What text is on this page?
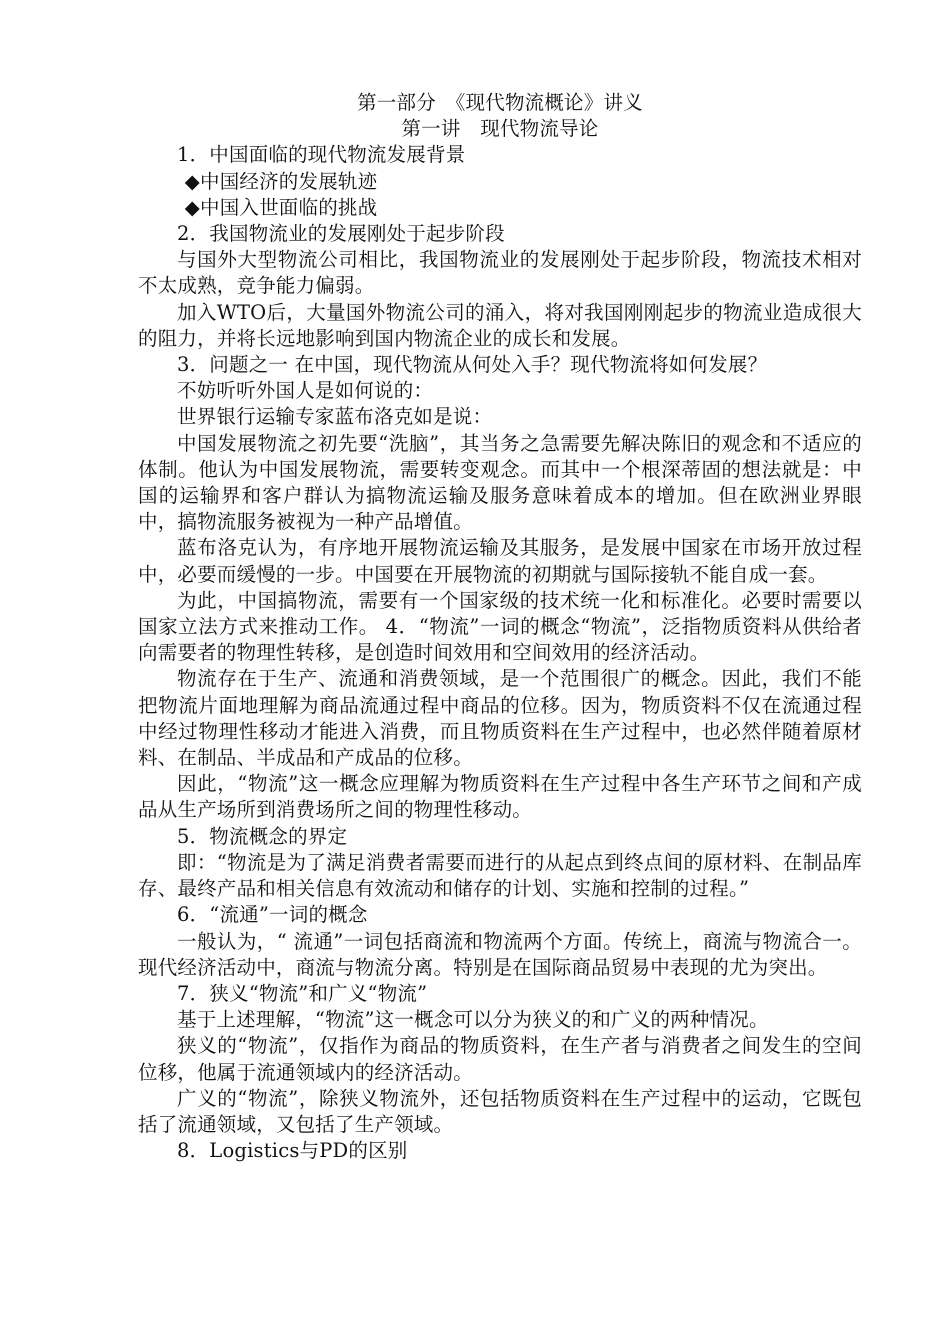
第一部分　《现代物流概论》讲义

第一讲　现代物流导论

1．中国面临的现代物流发展背景

◆中国经济的发展轨迹

◆中国入世面临的挑战

2．我国物流业的发展刚处于起步阶段

与国外大型物流公司相比，我国物流业的发展刚处于起步阶段，物流技术相对不太成熟，竞争能力偏弱。

加入WTO后，大量国外物流公司的涌入，将对我国刚刚起步的物流业造成很大的阻力，并将长远地影响到国内物流企业的成长和发展。

3．问题之一 在中国，现代物流从何处入手？现代物流将如何发展？

不妨听听外国人是如何说的：

世界银行运输专家蓝布洛克如是说：

中国发展物流之初先要“洗脑”，其当务之急需要先解决陈旧的观念和不适应的体制。他认为中国发展物流，需要转变观念。而其中一个根深蒂固的想法就是：中国的运输界和客户群认为搞物流运输及服务意味着成本的增加。但在欧洲业界眼中，搞物流服务被视为一种产品增值。

蓝布洛克认为，有序地开展物流运输及其服务，是发展中国家在市场开放过程中，必要而缓慢的一步。中国要在开展物流的初期就与国际接轨不能自成一套。

为此，中国搞物流，需要有一个国家级的技术统一化和标准化。必要时需要以国家立法方式来推动工作。 4．“物流”一词的概念“物流”，泛指物质资料从供给者向需要者的物理性转移，是创造时间效用和空间效用的经济活动。

物流存在于生产、流通和消费领域，是一个范围很广的概念。因此，我们不能把物流片面地理解为商品流通过程中商品的位移。因为，物质资料不仅在流通过程中经过物理性移动才能进入消费，而且物质资料在生产过程中，也必然伴随着原材料、在制品、半成品和产成品的位移。

因此，“物流”这一概念应理解为物质资料在生产过程中各生产环节之间和产成品从生产场所到消费场所之间的物理性移动。

5．物流概念的界定

即：“物流是为了满足消费者需要而进行的从起点到终点间的原材料、在制品库存、最终产品和相关信息有效流动和储存的计划、实施和控制的过程。”

6．“流通”一词的概念

一般认为，“ 流通”一词包括商流和物流两个方面。传统上，商流与物流合一。现代经济活动中，商流与物流分离。特别是在国际商品贸易中表现的尤为突出。

7．狭义“物流”和广义“物流”

基于上述理解，“物流”这一概念可以分为狭义的和广义的两种情况。

狭义的“物流”，仅指作为商品的物质资料，在生产者与消费者之间发生的空间位移，他属于流通领域内的经济活动。

广义的“物流”，除狭义物流外，还包括物质资料在生产过程中的运动，它既包括了流通领域，又包括了生产领域。

8．Logistics与PD的区别
